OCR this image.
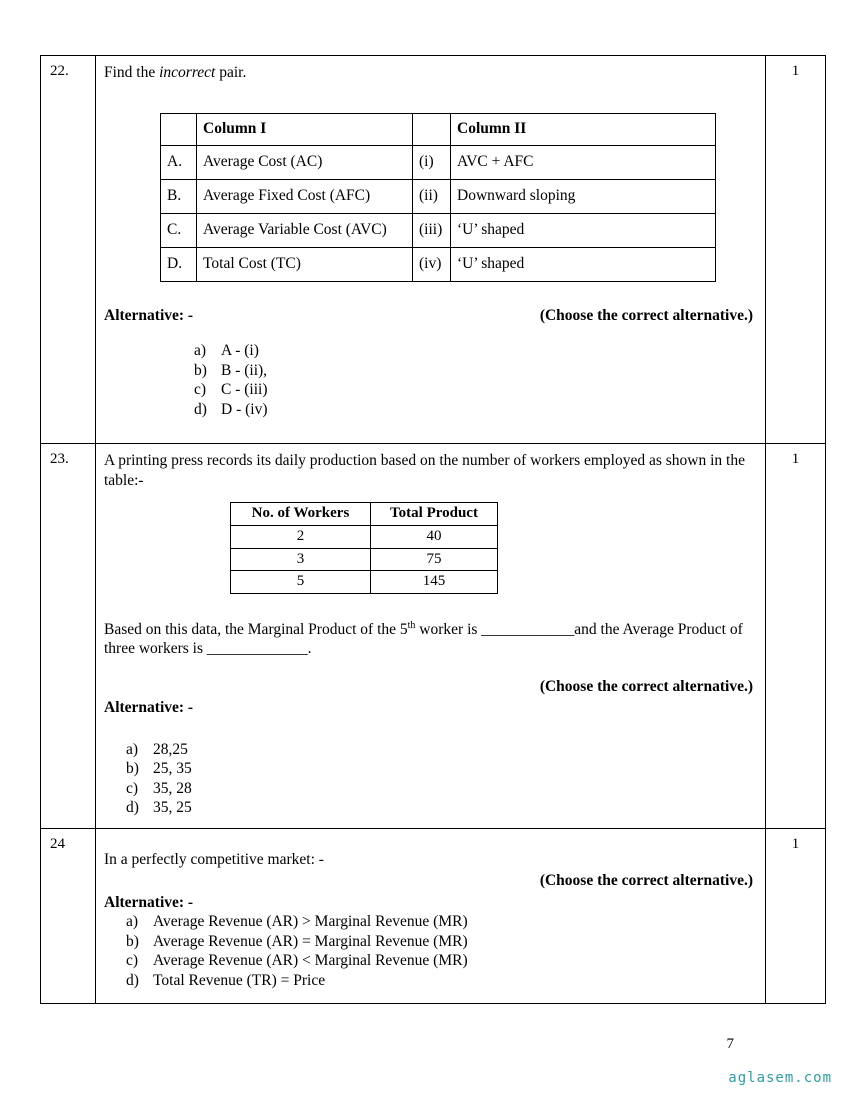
22.	Find the incorrect pair.

	Column I		Column II
A.	Average Cost (AC)	(i)	AVC + AFC
B.	Average Fixed Cost (AFC)	(ii)	Downward sloping
C.	Average Variable Cost (AVC)	(iii)	‘U’ shaped
D.	Total Cost (TC)	(iv)	‘U’ shaped
Alternative: -	(Choose the correct alternative.)
a) A - (i)
b) B - (ii),
c) C - (iii)
d) D - (iv)
	1
23.	A printing press records its daily production based on the number of workers employed as shown in the table:-

No. of Workers	Total Product
2	40
3	75
5	145

Based on this data, the Marginal Product of the 5th worker is ____________and the Average Product of three workers is _____________.

(Choose the correct alternative.)
Alternative: -
a) 28,25
b) 25, 35
c) 35, 28
d) 35, 25
	1
24	

In a perfectly competitive market: -

(Choose the correct alternative.)
Alternative: -
a) Average Revenue (AR) > Marginal Revenue (MR)
b) Average Revenue (AR) = Marginal Revenue (MR)
c) Average Revenue (AR) < Marginal Revenue (MR)
d) Total Revenue (TR) = Price
	1
7
aglasem.com
